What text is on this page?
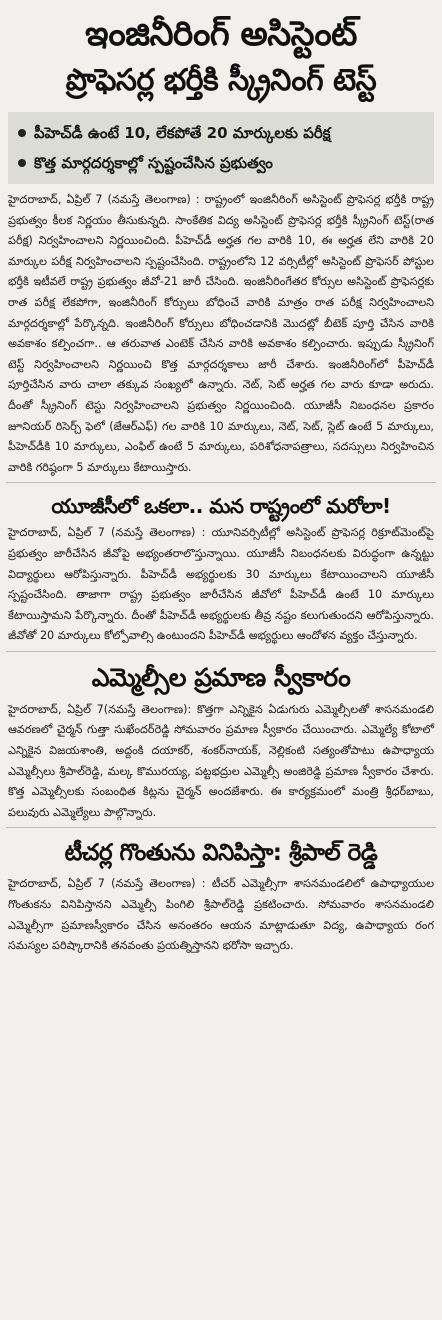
ఇంజినీరింగ్ అసిస్టెంట్
ప్రొఫెసర్ల భర్తీకి స్క్రీనింగ్ టెస్ట్
పీహెచ్‌డీ ఉంటే 10, లేకపోతే 20 మార్కులకు పరీక్ష
కొత్త మార్గదర్శకాల్లో స్పష్టంచేసిన ప్రభుత్వం

హైదరాబాద్, ఏప్రిల్ 7 (నమస్తే తెలంగాణ) : రాష్ట్రంలో ఇంజినీరింగ్ అసిస్టెంట్ ప్రొఫెసర్ల భర్తీకి రాష్ట్ర ప్రభుత్వం కీలక నిర్ణయం తీసుకున్నది. సాంకేతిక విద్య అసిస్టెంట్ ప్రొఫెసర్ల భర్తీకి స్క్రీనింగ్ టెస్ట్(రాత పరీక్ష) నిర్వహించాలని నిర్ణయించింది. పీహెచ్‌డీ అర్హత గల వారికి 10, ఈ అర్హత లేని వారికి 20 మార్కుల పరీక్ష నిర్వహించాలని స్పష్టంచేసింది. రాష్ట్రంలోని 12 వర్సిటీల్లో అసిస్టెంట్ ప్రొఫెసర్ పోస్టుల భర్తీకి ఇటీవలే రాష్ట్ర ప్రభుత్వం జీవో-21 జారీ చేసింది. ఇంజినీరింగేతర కోర్సుల అసిస్టెంట్ ప్రొఫెసర్లకు రాత పరీక్ష లేకపోగా, ఇంజినీరింగ్ కోర్సులు బోధించే వారికి మాత్రం రాత పరీక్ష నిర్వహించాలని మార్గదర్శకాల్లో పేర్కొన్నది. ఇంజినీరింగ్ కోర్సులు బోధించడానికి మొదట్లో బీటెక్ పూర్తి చేసిన వారికి అవకాశం కల్పించగా.. ఆ తరువాత ఎంటెక్ చేసిన వారికి అవకాశం కల్పించారు. ఇప్పుడు స్క్రీనింగ్ టెస్ట్ నిర్వహించాలని నిర్ణయించి కొత్త మార్గదర్శకాలు జారీ చేశారు. ఇంజినీరింగ్‌లో పీహెచ్‌డీ పూర్తిచేసిన వారు చాలా తక్కువ సంఖ్యలో ఉన్నారు. నెట్, సెట్ అర్హత గల వారు కూడా అరుదు. దీంతో స్క్రీనింగ్ టెస్టు నిర్వహించాలని ప్రభుత్వం నిర్ణయించింది. యూజీసీ నిబంధనల ప్రకారం జూనియర్ రిసెర్చ్ ఫెలో (జేఆర్‌ఎఫ్) గల వారికి 10 మార్కులు, నెట్, సెట్, స్లెట్ ఉంటే 5 మార్కులు, పీహెచ్‌డీకి 10 మార్కులు, ఎంఫిల్ ఉంటే 5 మార్కులు, పరిశోధనాపత్రాలు, సదస్సులు నిర్వహించిన వారికి గరిష్ఠంగా 5 మార్కులు కేటాయిస్తారు.

యూజీసీలో ఒకలా.. మన రాష్ట్రంలో మరోలా!

హైదరాబాద్, ఏప్రిల్ 7 (నమస్తే తెలంగాణ) : యూనివర్సిటీల్లో అసిస్టెంట్ ప్రొఫెసర్ల రిక్రూట్‌మెంట్‌పై ప్రభుత్వం జారీచేసిన జీవోపై అభ్యంతరాలొస్తున్నాయి. యూజీసీ నిబంధనలకు విరుద్ధంగా ఉన్నట్టు విద్యార్థులు ఆరోపిస్తున్నారు. పీహెచ్‌డీ అభ్యర్థులకు 30 మార్కులు కేటాయించాలని యూజీసీ స్పష్టంచేసింది. తాజాగా రాష్ట్ర ప్రభుత్వం జారీచేసిన జీవోలో పీహెచ్‌డీ ఉంటే 10 మార్కులు కేటాయిస్తామని పేర్కొన్నారు. దీంతో పీహెచ్‌డీ అభ్యర్థులకు తీవ్ర నష్టం కలుగుతుందని ఆరోపిస్తున్నారు. జీవోతో 20 మార్కులు కోల్పోవాల్సి ఉంటుందని పీహెచ్‌డీ అభ్యర్థులు ఆందోళన వ్యక్తం చేస్తున్నారు.

ఎమ్మెల్సీల ప్రమాణ స్వీకారం

హైదరాబాద్, ఏప్రిల్ 7(నమస్తే తెలంగాణ): కొత్తగా ఎన్నికైన ఏడుగురు ఎమ్మెల్సీలతో శాసనమండలి ఆవరణలో చైర్మన్ గుత్తా సుఖేందర్‌రెడ్డి సోమవారం ప్రమాణ స్వీకారం చేయించారు. ఎమ్మెల్యే కోటాలో ఎన్నికైన విజయశాంతి, అద్దంకి దయాకర్, శంకర్‌నాయక్, నెల్లికంటి సత్యంతోపాటు ఉపాధ్యాయ ఎమ్మెల్సీలు శ్రీపాల్‌రెడ్డి, మల్క కొమురయ్య, పట్టభద్రుల ఎమ్మెల్సీ అంజిరెడ్డి ప్రమాణ స్వీకారం చేశారు. కొత్త ఎమ్మెల్సీలకు సంబంధిత కిట్లను చైర్మన్ అందజేశారు. ఈ కార్యక్రమంలో మంత్రి శ్రీధర్‌బాబు, పలువురు ఎమ్మెల్యేలు పాల్గొన్నారు.

టీచర్ల గొంతును వినిపిస్తా: శ్రీపాల్ రెడ్డి

హైదరాబాద్, ఏప్రిల్ 7 (నమస్తే తెలంగాణ) : టీచర్ ఎమ్మెల్సీగా శాసనమండలిలో ఉపాధ్యాయుల గొంతుకను వినిపిస్తానని ఎమ్మెల్సీ పింగిలి శ్రీపాల్‌రెడ్డి ప్రకటించారు. సోమవారం శాసనమండలి ఎమ్మెల్సీగా ప్రమాణస్వీకారం చేసిన అనంతరం ఆయన మాట్లాడుతూ విద్య, ఉపాధ్యాయ రంగ సమస్యల పరిష్కారానికి తనవంతు ప్రయత్నిస్తానని భరోసా ఇచ్చారు.
